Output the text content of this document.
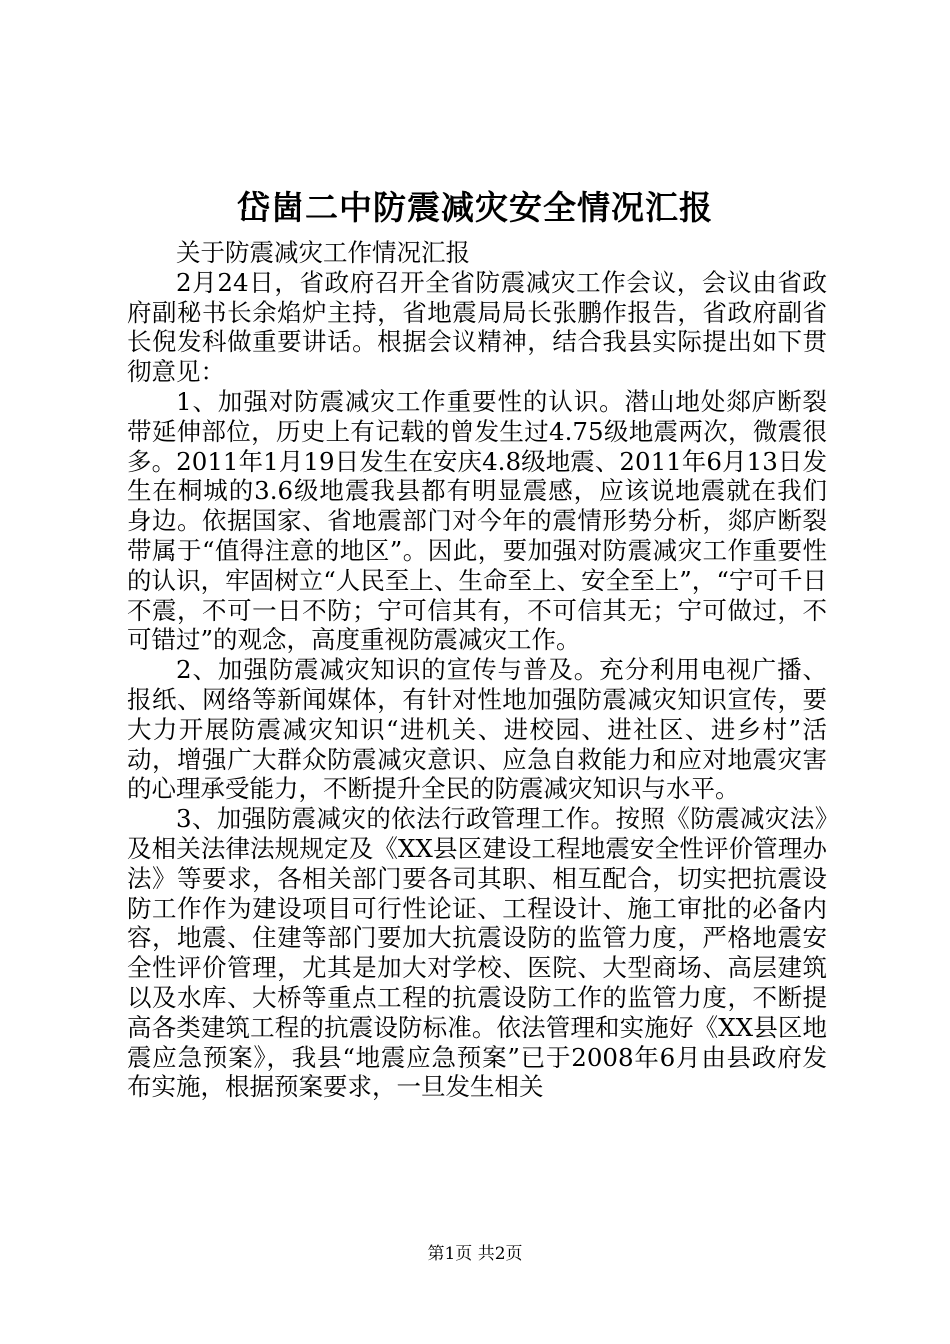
岱崮二中防震减灾安全情况汇报

关于防震减灾工作情况汇报

2月24日，省政府召开全省防震减灾工作会议，会议由省政府副秘书长余焰炉主持，省地震局局长张鹏作报告，省政府副省长倪发科做重要讲话。根据会议精神，结合我县实际提出如下贯彻意见：

1、加强对防震减灾工作重要性的认识。潜山地处郯庐断裂带延伸部位，历史上有记载的曾发生过4.75级地震两次，微震很多。2011年1月19日发生在安庆4.8级地震、2011年6月13日发生在桐城的3.6级地震我县都有明显震感，应该说地震就在我们身边。依据国家、省地震部门对今年的震情形势分析，郯庐断裂带属于“值得注意的地区”。因此，要加强对防震减灾工作重要性的认识，牢固树立“人民至上、生命至上、安全至上”，“宁可千日不震，不可一日不防；宁可信其有，不可信其无；宁可做过，不可错过”的观念，高度重视防震减灾工作。

2、加强防震减灾知识的宣传与普及。充分利用电视广播、报纸、网络等新闻媒体，有针对性地加强防震减灾知识宣传，要大力开展防震减灾知识“进机关、进校园、进社区、进乡村”活动，增强广大群众防震减灾意识、应急自救能力和应对地震灾害的心理承受能力，不断提升全民的防震减灾知识与水平。

3、加强防震减灾的依法行政管理工作。按照《防震减灾法》及相关法律法规规定及《XX县区建设工程地震安全性评价管理办法》等要求，各相关部门要各司其职、相互配合，切实把抗震设防工作作为建设项目可行性论证、工程设计、施工审批的必备内容，地震、住建等部门要加大抗震设防的监管力度，严格地震安全性评价管理，尤其是加大对学校、医院、大型商场、高层建筑以及水库、大桥等重点工程的抗震设防工作的监管力度，不断提高各类建筑工程的抗震设防标准。依法管理和实施好《XX县区地震应急预案》，我县“地震应急预案”已于2008年6月由县政府发布实施，根据预案要求，一旦发生相关

第1页 共2页
